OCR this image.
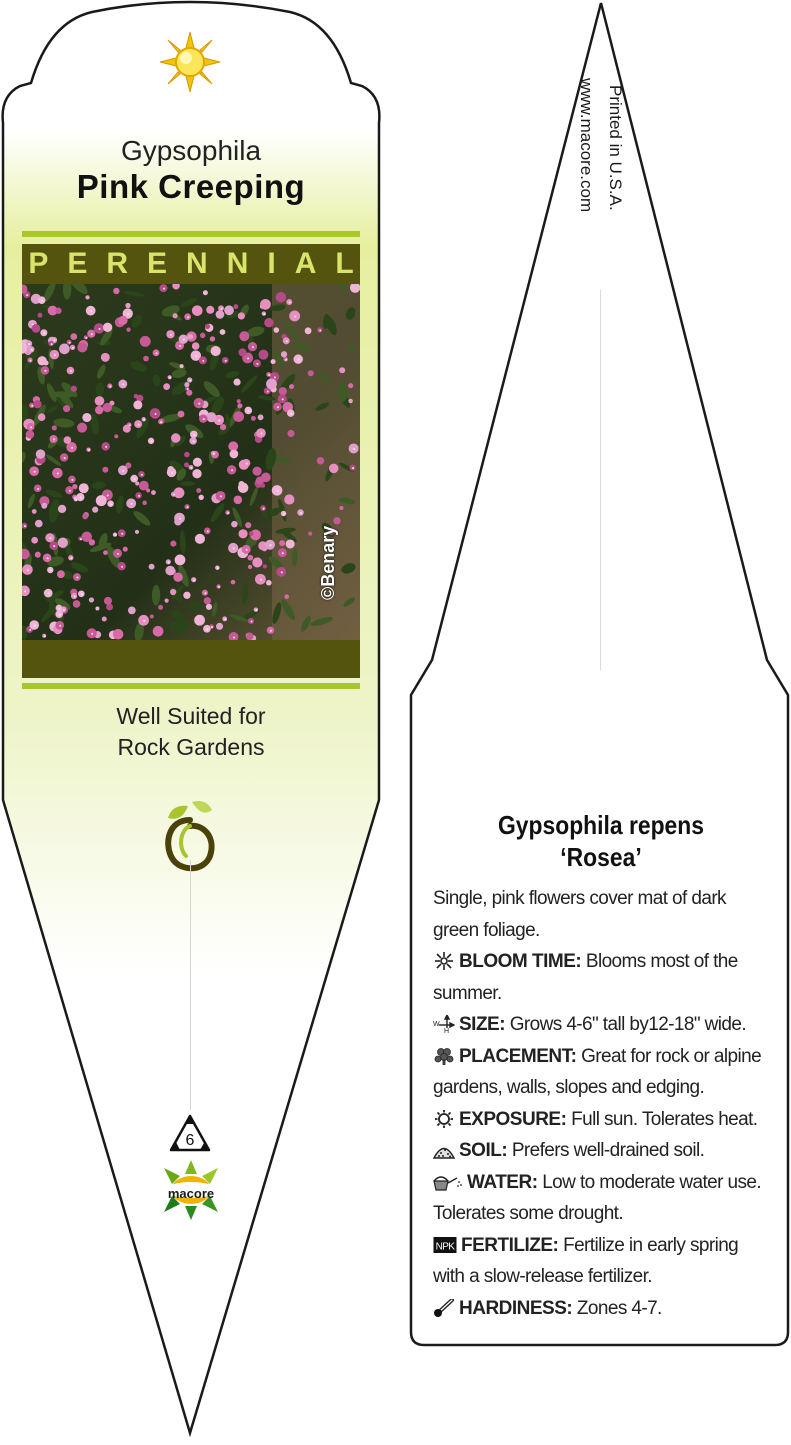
Gypsophila
Pink Creeping
PERENNIAL
©Benary
Well Suited for
Rock Gardens
6
macore
Printed in U.S.A.
www.macore.com
Gypsophila repens
‘Rosea’
Single, pink flowers cover mat of dark
green foliage.
BLOOM TIME: Blooms most of the
summer.
W
H SIZE: Grows 4-6" tall by12-18" wide.
PLACEMENT: Great for rock or alpine
gardens, walls, slopes and edging.
EXPOSURE: Full sun. Tolerates heat.
SOIL: Prefers well-drained soil.
WATER: Low to moderate water use.
Tolerates some drought.
NPK FERTILIZE: Fertilize in early spring
with a slow-release fertilizer.
HARDINESS: Zones 4-7.
